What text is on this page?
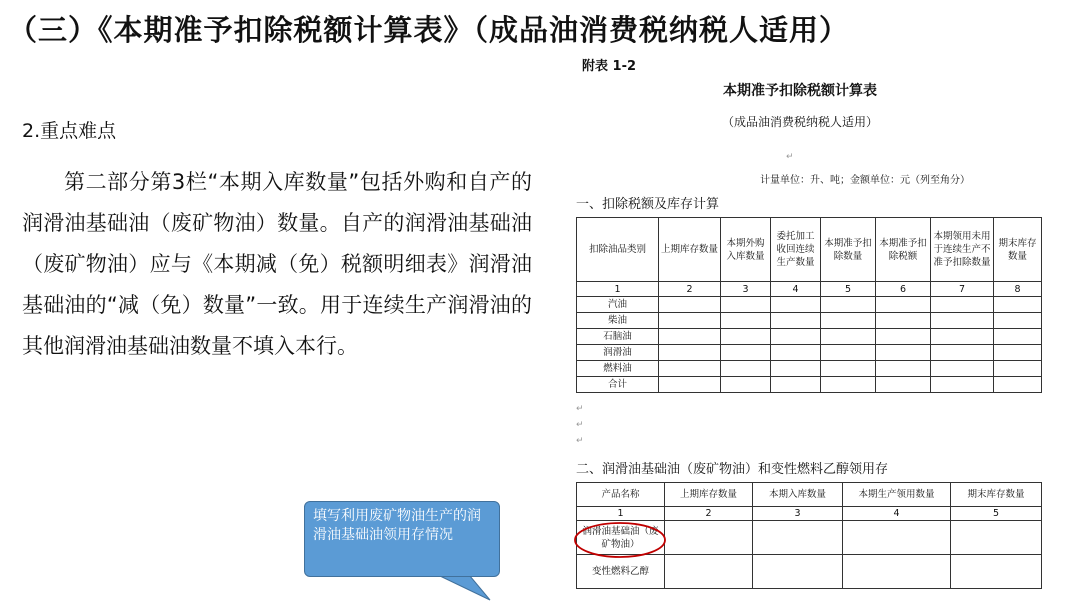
（三）《本期准予扣除税额计算表》（成品油消费税纳税人适用）
2.重点难点

第二部分第3栏“本期入库数量”包括外购和自产的润滑油基础油（废矿物油）数量。自产的润滑油基础油（废矿物油）应与《本期减（免）税额明细表》润滑油基础油的“减（免）数量”一致。用于连续生产润滑油的其他润滑油基础油数量不填入本行。

附表 1-2
本期准予扣除税额计算表
（成品油消费税纳税人适用）
计量单位：升、吨；金额单位：元（列至角分）
一、扣除税额及库存计算
扣除油品类别	上期库存数量	本期外购入库数量	委托加工收回连续生产数量	本期准予扣除数量	本期准予扣除税额	本期领用未用于连续生产不准予扣除数量	期末库存数量
1	2	3	4	5	6	7	8
汽油							
柴油							
石脑油							
润滑油							
燃料油							
合计							
↵
↵
↵
↵
二、润滑油基础油（废矿物油）和变性燃料乙醇领用存
产品名称	上期库存数量	本期入库数量	本期生产领用数量	期末库存数量
1	2	3	4	5
润滑油基础油（废矿物油）				
变性燃料乙醇				
填写利用废矿物油生产的润滑油基础油领用存情况
